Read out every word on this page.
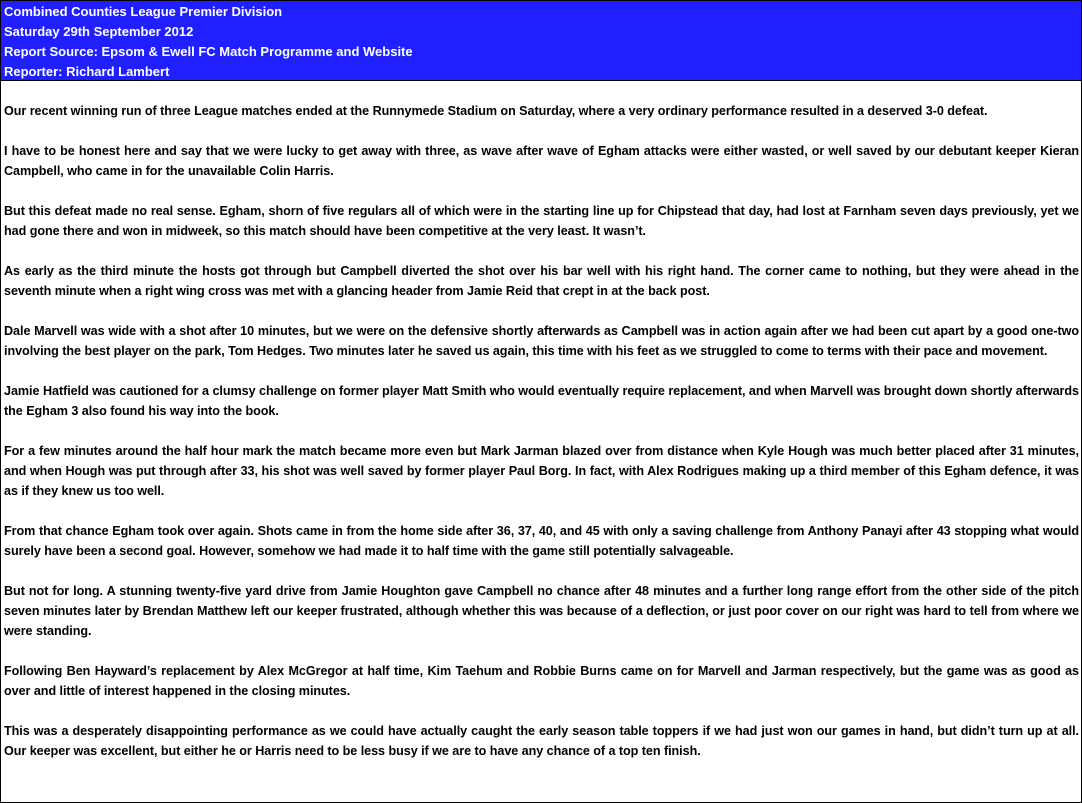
Combined Counties League Premier Division
Saturday 29th September 2012
Report Source: Epsom & Ewell FC Match Programme and Website
Reporter: Richard Lambert

Our recent winning run of three League matches ended at the Runnymede Stadium on Saturday, where a very ordinary performance resulted in a deserved 3-0 defeat.

I have to be honest here and say that we were lucky to get away with three, as wave after wave of Egham attacks were either wasted, or well saved by our debutant keeper Kieran Campbell, who came in for the unavailable Colin Harris.

But this defeat made no real sense. Egham, shorn of five regulars all of which were in the starting line up for Chipstead that day, had lost at Farnham seven days previously, yet we had gone there and won in midweek, so this match should have been competitive at the very least. It wasn’t.

As early as the third minute the hosts got through but Campbell diverted the shot over his bar well with his right hand. The corner came to nothing, but they were ahead in the seventh minute when a right wing cross was met with a glancing header from Jamie Reid that crept in at the back post.

Dale Marvell was wide with a shot after 10 minutes, but we were on the defensive shortly afterwards as Campbell was in action again after we had been cut apart by a good one-two involving the best player on the park, Tom Hedges. Two minutes later he saved us again, this time with his feet as we struggled to come to terms with their pace and movement.

Jamie Hatfield was cautioned for a clumsy challenge on former player Matt Smith who would eventually require replacement, and when Marvell was brought down shortly afterwards the Egham 3 also found his way into the book.

For a few minutes around the half hour mark the match became more even but Mark Jarman blazed over from distance when Kyle Hough was much better placed after 31 minutes, and when Hough was put through after 33, his shot was well saved by former player Paul Borg. In fact, with Alex Rodrigues making up a third member of this Egham defence, it was as if they knew us too well.

From that chance Egham took over again. Shots came in from the home side after 36, 37, 40, and 45 with only a saving challenge from Anthony Panayi after 43 stopping what would surely have been a second goal. However, somehow we had made it to half time with the game still potentially salvageable.

But not for long. A stunning twenty-five yard drive from Jamie Houghton gave Campbell no chance after 48 minutes and a further long range effort from the other side of the pitch seven minutes later by Brendan Matthew left our keeper frustrated, although whether this was because of a deflection, or just poor cover on our right was hard to tell from where we were standing.

Following Ben Hayward’s replacement by Alex McGregor at half time, Kim Taehum and Robbie Burns came on for Marvell and Jarman respectively, but the game was as good as over and little of interest happened in the closing minutes.

This was a desperately disappointing performance as we could have actually caught the early season table toppers if we had just won our games in hand, but didn’t turn up at all. Our keeper was excellent, but either he or Harris need to be less busy if we are to have any chance of a top ten finish.
